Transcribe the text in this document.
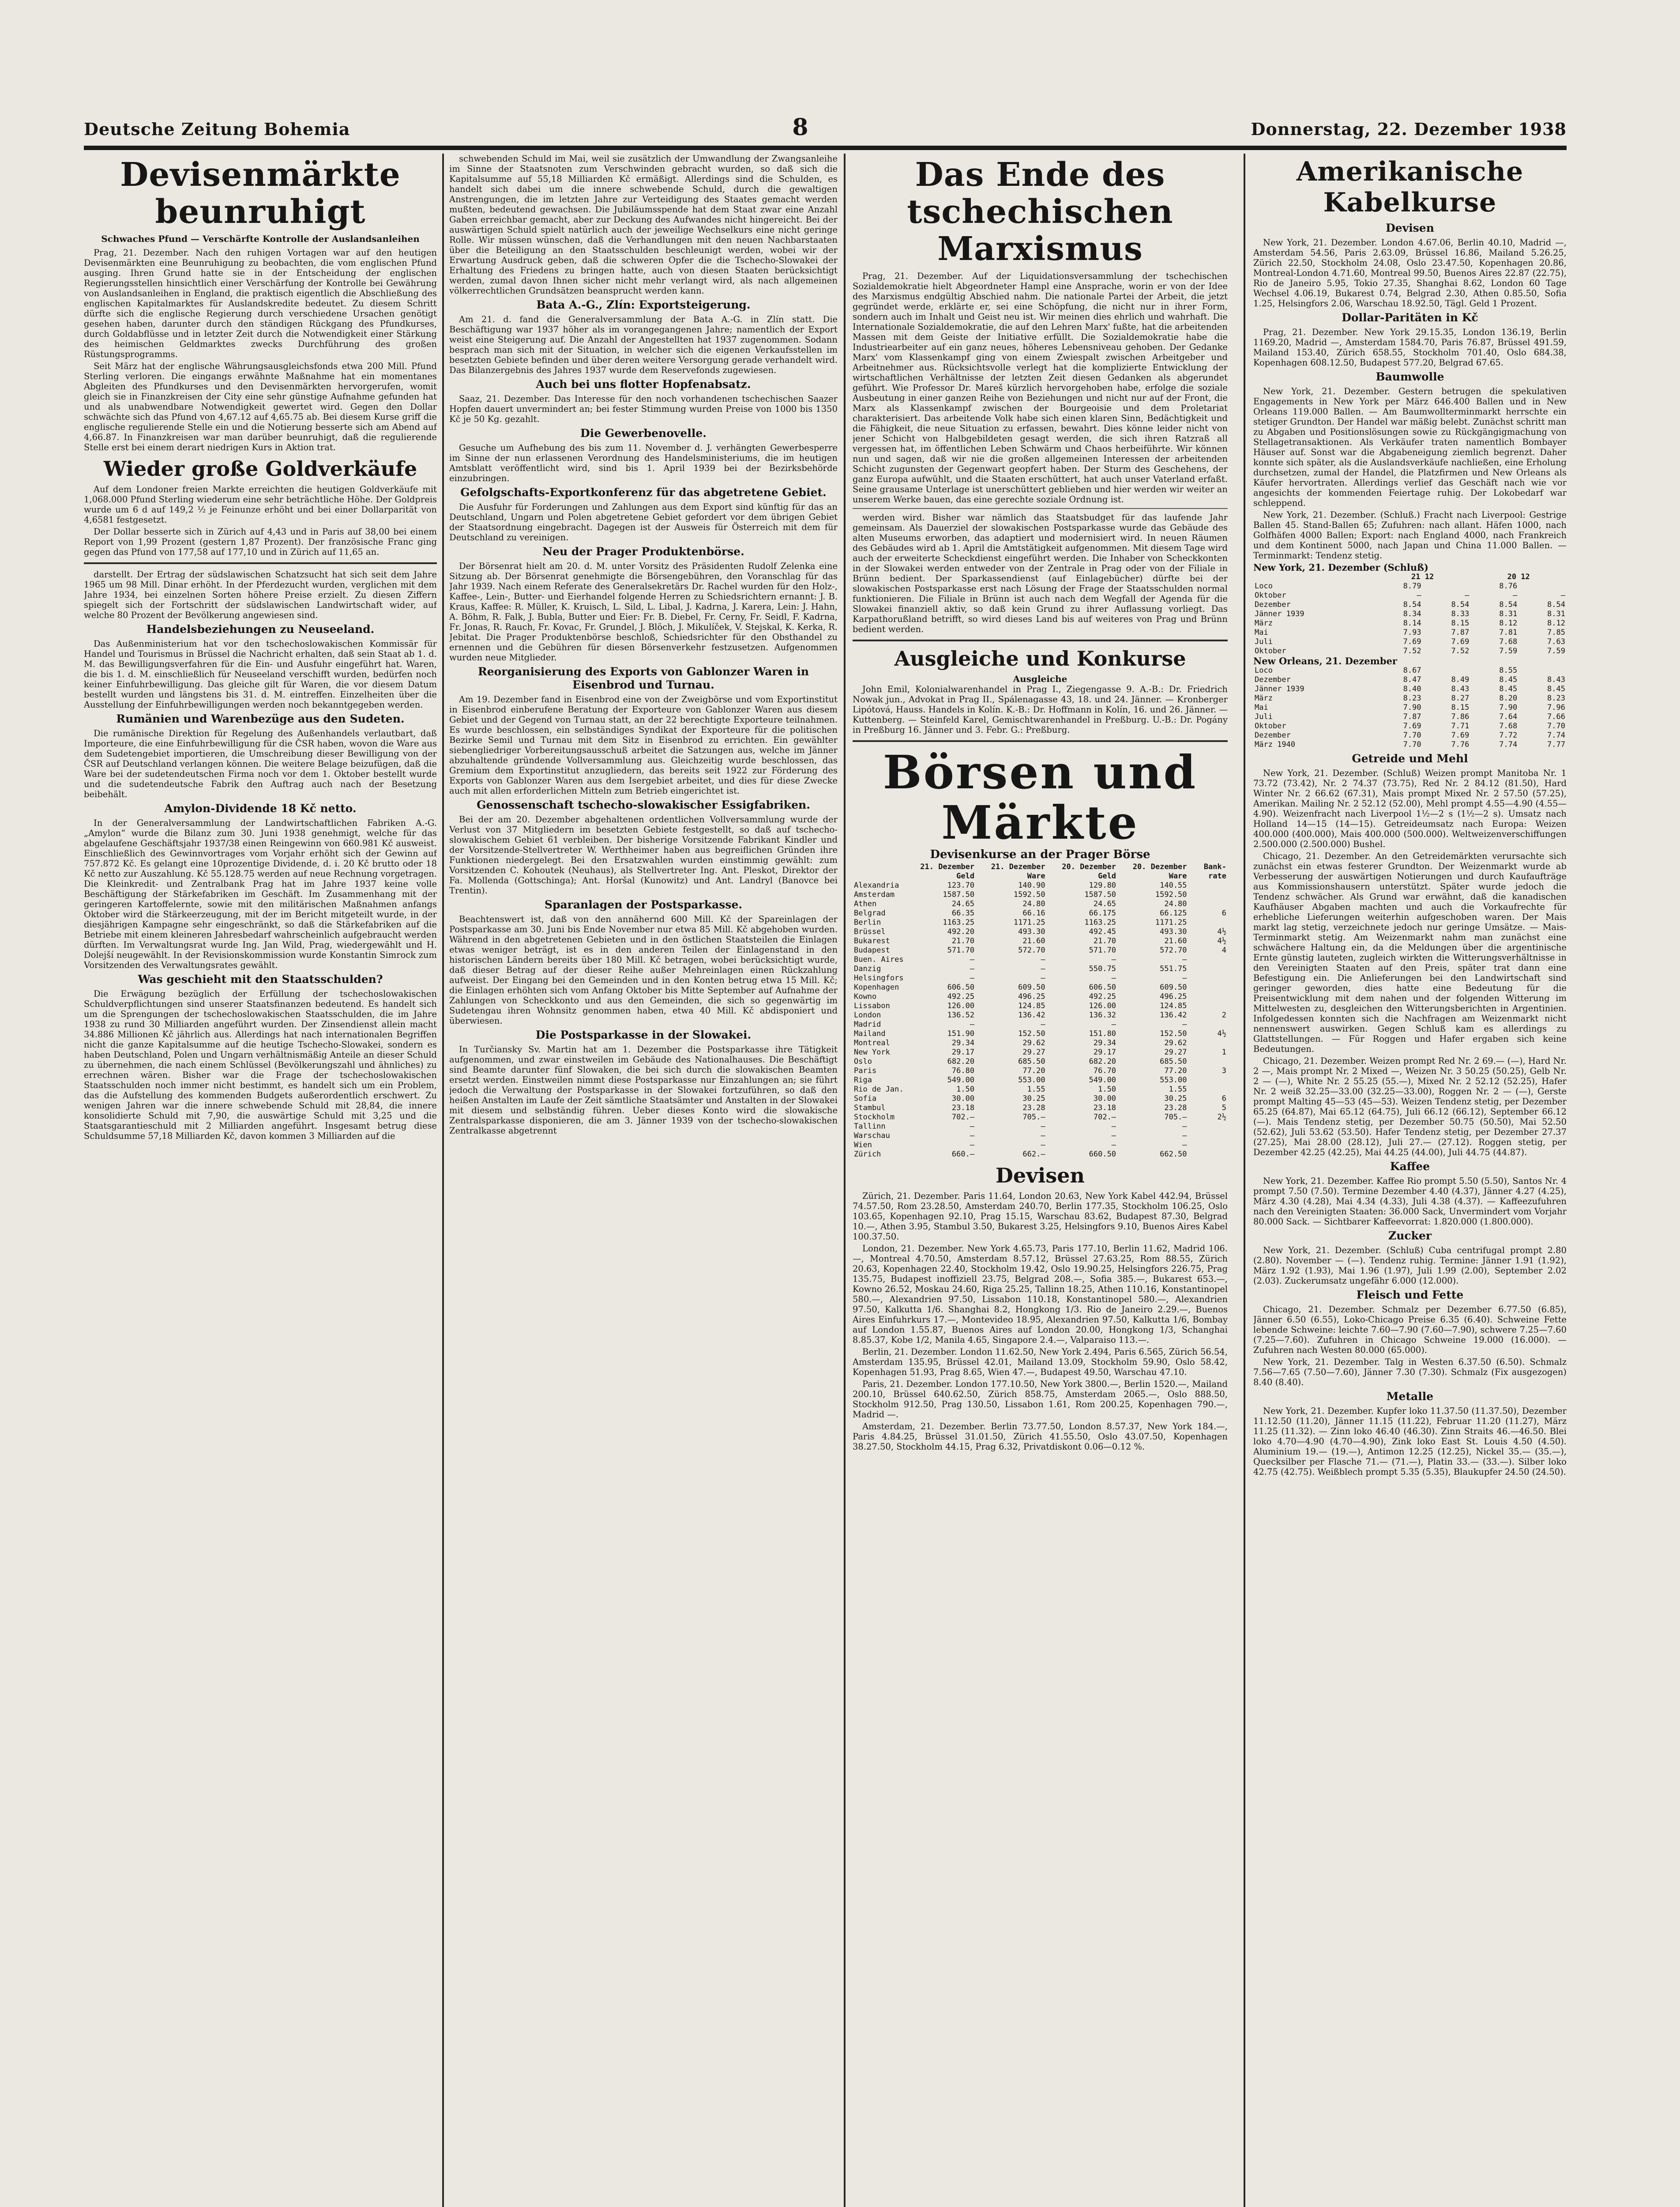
Deutsche Zeitung Bohemia	8	Donnerstag, 22. Dezember 1938
Devisenmärkte beunruhigt
Schwaches Pfund — Verschärfte Kontrolle der Auslandsanleihen

Prag, 21. Dezember. Nach den ruhigen Vortagen war auf den heutigen Devisenmärkten eine Beunruhigung zu beobachten, die vom englischen Pfund ausging. Ihren Grund hatte sie in der Entscheidung der englischen Regierungsstellen hinsichtlich einer Verschärfung der Kontrolle bei Gewährung von Auslandsanleihen in England, die praktisch eigentlich die Abschließung des englischen Kapitalmarktes für Auslandskredite bedeutet. Zu diesem Schritt dürfte sich die englische Regierung durch verschiedene Ursachen genötigt gesehen haben, darunter durch den ständigen Rückgang des Pfundkurses, durch Goldabflüsse und in letzter Zeit durch die Notwendigkeit einer Stärkung des heimischen Geldmarktes zwecks Durchführung des großen Rüstungsprogramms.

Seit März hat der englische Währungsausgleichsfonds etwa 200 Mill. Pfund Sterling verloren. Die eingangs erwähnte Maßnahme hat ein momentanes Abgleiten des Pfundkurses und den Devisenmärkten hervorgerufen, womit gleich sie in Finanzkreisen der City eine sehr günstige Aufnahme gefunden hat und als unabwendbare Notwendigkeit gewertet wird. Gegen den Dollar schwächte sich das Pfund von 4,67.12 auf 4,65.75 ab. Bei diesem Kurse griff die englische regulierende Stelle ein und die Notierung besserte sich am Abend auf 4,66.87. In Finanzkreisen war man darüber beunruhigt, daß die regulierende Stelle erst bei einem derart niedrigen Kurs in Aktion trat.

Wieder große Goldverkäufe

Auf dem Londoner freien Markte erreichten die heutigen Goldverkäufe mit 1,068.000 Pfund Sterling wiederum eine sehr beträchtliche Höhe. Der Goldpreis wurde um 6 d auf 149,2 ½ je Feinunze erhöht und bei einer Dollarparität von 4,6581 festgesetzt.

Der Dollar besserte sich in Zürich auf 4,43 und in Paris auf 38,00 bei einem Report von 1,99 Prozent (gestern 1,87 Prozent). Der französische Franc ging gegen das Pfund von 177,58 auf 177,10 und in Zürich auf 11,65 an.

darstellt. Der Ertrag der südslawischen Schatzsucht hat sich seit dem Jahre 1965 um 98 Mill. Dinar erhöht. In der Pferdezucht wurden, verglichen mit dem Jahre 1934, bei einzelnen Sorten höhere Preise erzielt. Zu diesen Ziffern spiegelt sich der Fortschritt der südslawischen Landwirtschaft wider, auf welche 80 Prozent der Bevölkerung angewiesen sind.

Handelsbeziehungen zu Neuseeland.

Das Außenministerium hat vor den tschechoslowakischen Kommissär für Handel und Tourismus in Brüssel die Nachricht erhalten, daß sein Staat ab 1. d. M. das Bewilligungsverfahren für die Ein- und Ausfuhr eingeführt hat. Waren, die bis 1. d. M. einschließlich für Neuseeland verschifft wurden, bedürfen noch keiner Einfuhrbewilligung. Das gleiche gilt für Waren, die vor diesem Datum bestellt wurden und längstens bis 31. d. M. eintreffen. Einzelheiten über die Ausstellung der Einfuhrbewilligungen werden noch bekanntgegeben werden.

Rumänien und Warenbezüge aus den Sudeten.

Die rumänische Direktion für Regelung des Außenhandels verlautbart, daß Importeure, die eine Einfuhrbewilligung für die ČSR haben, wovon die Ware aus dem Sudetengebiet importieren, die Umschreibung dieser Bewilligung von der ČSR auf Deutschland verlangen können. Die weitere Belage beizufügen, daß die Ware bei der sudetendeutschen Firma noch vor dem 1. Oktober bestellt wurde und die sudetendeutsche Fabrik den Auftrag auch nach der Besetzung beibehält.

Amylon-Dividende 18 Kč netto.

In der Generalversammlung der Landwirtschaftlichen Fabriken A.-G. „Amylon“ wurde die Bilanz zum 30. Juni 1938 genehmigt, welche für das abgelaufene Geschäftsjahr 1937/38 einen Reingewinn von 660.981 Kč ausweist. Einschließlich des Gewinnvortrages vom Vorjahr erhöht sich der Gewinn auf 757.872 Kč. Es gelangt eine 10prozentige Dividende, d. i. 20 Kč brutto oder 18 Kč netto zur Auszahlung. Kč 55.128.75 werden auf neue Rechnung vorgetragen. Die Kleinkredit- und Zentralbank Prag hat im Jahre 1937 keine volle Beschäftigung der Stärkefabriken im Geschäft. Im Zusammenhang mit der geringeren Kartoffelernte, sowie mit den militärischen Maßnahmen anfangs Oktober wird die Stärkeerzeugung, mit der im Bericht mitgeteilt wurde, in der diesjährigen Kampagne sehr eingeschränkt, so daß die Stärkefabriken auf die Betriebe mit einem kleineren Jahresbedarf wahrscheinlich aufgebraucht werden dürften. Im Verwaltungsrat wurde Ing. Jan Wild, Prag, wiedergewählt und H. Dolejší neugewählt. In der Revisionskommission wurde Konstantin Simrock zum Vorsitzenden des Verwaltungsrates gewählt.

Was geschieht mit den Staatsschulden?

Die Erwägung bezüglich der Erfüllung der tschechoslowakischen Schuldverpflichtungen sind unserer Staatsfinanzen bedeutend. Es handelt sich um die Sprengungen der tschechoslowakischen Staatsschulden, die im Jahre 1938 zu rund 30 Milliarden angeführt wurden. Der Zinsendienst allein macht 34.886 Millionen Kč jährlich aus. Allerdings hat nach internationalen Begriffen nicht die ganze Kapitalsumme auf die heutige Tschecho-Slowakei, sondern es haben Deutschland, Polen und Ungarn verhältnismäßig Anteile an dieser Schuld zu übernehmen, die nach einem Schlüssel (Bevölkerungszahl und ähnliches) zu errechnen wären. Bisher war die Frage der tschechoslowakischen Staatsschulden noch immer nicht bestimmt, es handelt sich um ein Problem, das die Aufstellung des kommenden Budgets außerordentlich erschwert. Zu wenigen Jahren war die innere schwebende Schuld mit 28,84, die innere konsolidierte Schuld mit 7,90, die auswärtige Schuld mit 3,25 und die Staatsgarantieschuld mit 2 Milliarden angeführt. Insgesamt betrug diese Schuldsumme 57,18 Milliarden Kč, davon kommen 3 Milliarden auf die

schwebenden Schuld im Mai, weil sie zusätzlich der Umwandlung der Zwangsanleihe im Sinne der Staatsnoten zum Verschwinden gebracht wurden, so daß sich die Kapitalsumme auf 55,18 Milliarden Kč ermäßigt. Allerdings sind die Schulden, es handelt sich dabei um die innere schwebende Schuld, durch die gewaltigen Anstrengungen, die im letzten Jahre zur Verteidigung des Staates gemacht werden mußten, bedeutend gewachsen. Die Jubiläumsspende hat dem Staat zwar eine Anzahl Gaben erreichbar gemacht, aber zur Deckung des Aufwandes nicht hingereicht. Bei der auswärtigen Schuld spielt natürlich auch der jeweilige Wechselkurs eine nicht geringe Rolle. Wir müssen wünschen, daß die Verhandlungen mit den neuen Nachbarstaaten über die Beteiligung an den Staatsschulden beschleunigt werden, wobei wir der Erwartung Ausdruck geben, daß die schweren Opfer die die Tschecho-Slowakei der Erhaltung des Friedens zu bringen hatte, auch von diesen Staaten berücksichtigt werden, zumal davon Ihnen sicher nicht mehr verlangt wird, als nach allgemeinen völkerrechtlichen Grundsätzen beansprucht werden kann.

Bata A.-G., Zlín: Exportsteigerung.

Am 21. d. fand die Generalversammlung der Bata A.-G. in Zlín statt. Die Beschäftigung war 1937 höher als im vorangegangenen Jahre; namentlich der Export weist eine Steigerung auf. Die Anzahl der Angestellten hat 1937 zugenommen. Sodann besprach man sich mit der Situation, in welcher sich die eigenen Verkaufsstellen im besetzten Gebiete befinden und über deren weitere Versorgung gerade verhandelt wird. Das Bilanzergebnis des Jahres 1937 wurde dem Reservefonds zugewiesen.

Auch bei uns flotter Hopfenabsatz.

Saaz, 21. Dezember. Das Interesse für den noch vorhandenen tschechischen Saazer Hopfen dauert unvermindert an; bei fester Stimmung wurden Preise von 1000 bis 1350 Kč je 50 Kg. gezahlt.

Die Gewerbenovelle.

Gesuche um Aufhebung des bis zum 11. November d. J. verhängten Gewerbesperre im Sinne der nun erlassenen Verordnung des Handelsministeriums, die im heutigen Amtsblatt veröffentlicht wird, sind bis 1. April 1939 bei der Bezirksbehörde einzubringen.

Gefolgschafts-Exportkonferenz für das abgetretene Gebiet.

Die Ausfuhr für Forderungen und Zahlungen aus dem Export sind künftig für das an Deutschland, Ungarn und Polen abgetretene Gebiet gefordert vor dem übrigen Gebiet der Staatsordnung eingebracht. Dagegen ist der Ausweis für Österreich mit dem für Deutschland zu vereinigen.

Neu der Prager Produktenbörse.

Der Börsenrat hielt am 20. d. M. unter Vorsitz des Präsidenten Rudolf Zelenka eine Sitzung ab. Der Börsenrat genehmigte die Börsengebühren, den Voranschlag für das Jahr 1939. Nach einem Referate des Generalsekretärs Dr. Rachel wurden für den Holz-, Kaffee-, Lein-, Butter- und Eierhandel folgende Herren zu Schiedsrichtern ernannt: J. B. Kraus, Kaffee: R. Müller, K. Kruisch, L. Sild, L. Libal, J. Kadrna, J. Karera, Lein: J. Hahn, A. Böhm, R. Falk, J. Bubla, Butter und Eier: Fr. B. Diebel, Fr. Cerny, Fr. Seidl, F. Kadrna, Fr. Jonas, R. Rauch, Fr. Kovac, Fr. Grundel, J. Blöch, J. Mikulíček, V. Stejskal, K. Kerka, R. Jebitat. Die Prager Produktenbörse beschloß, Schiedsrichter für den Obsthandel zu ernennen und die Gebühren für diesen Börsenverkehr festzusetzen. Aufgenommen wurden neue Mitglieder.

Reorganisierung des Exports von Gablonzer Waren in Eisenbrod und Turnau.

Am 19. Dezember fand in Eisenbrod eine von der Zweigbörse und vom Exportinstitut in Eisenbrod einberufene Beratung der Exporteure von Gablonzer Waren aus diesem Gebiet und der Gegend von Turnau statt, an der 22 berechtigte Exporteure teilnahmen. Es wurde beschlossen, ein selbständiges Syndikat der Exporteure für die politischen Bezirke Semil und Turnau mit dem Sitz in Eisenbrod zu errichten. Ein gewählter siebengliedriger Vorbereitungsausschuß arbeitet die Satzungen aus, welche im Jänner abzuhaltende gründende Vollversammlung aus. Gleichzeitig wurde beschlossen, das Gremium dem Exportinstitut anzugliedern, das bereits seit 1922 zur Förderung des Exports von Gablonzer Waren aus dem Isergebiet arbeitet, und dies für diese Zwecke auch mit allen erforderlichen Mitteln zum Betrieb eingerichtet ist.

Genossenschaft tschecho-slowakischer Essigfabriken.

Bei der am 20. Dezember abgehaltenen ordentlichen Vollversammlung wurde der Verlust von 37 Mitgliedern im besetzten Gebiete festgestellt, so daß auf tschecho-slowakischem Gebiet 61 verbleiben. Der bisherige Vorsitzende Fabrikant Kindler und der Vorsitzende-Stellvertreter W. Werthheimer haben aus begreiflichen Gründen ihre Funktionen niedergelegt. Bei den Ersatzwahlen wurden einstimmig gewählt: zum Vorsitzenden C. Kohoutek (Neuhaus), als Stellvertreter Ing. Ant. Pleskot, Direktor der Fa. Mollenda (Gottschinga); Ant. Horšal (Kunowitz) und Ant. Landryl (Banovce bei Trentin).

Sparanlagen der Postsparkasse.

Beachtenswert ist, daß von den annähernd 600 Mill. Kč der Spareinlagen der Postsparkasse am 30. Juni bis Ende November nur etwa 85 Mill. Kč abgehoben wurden. Während in den abgetretenen Gebieten und in den östlichen Staatsteilen die Einlagen etwas weniger beträgt, ist es in den anderen Teilen der Einlagenstand in den historischen Ländern bereits über 180 Mill. Kč betragen, wobei berücksichtigt wurde, daß dieser Betrag auf der dieser Reihe außer Mehreinlagen einen Rückzahlung aufweist. Der Eingang bei den Gemeinden und in den Konten betrug etwa 15 Mill. Kč; die Einlagen erhöhten sich vom Anfang Oktober bis Mitte September auf Aufnahme der Zahlungen von Scheckkonto und aus den Gemeinden, die sich so gegenwärtig im Sudetengau ihren Wohnsitz genommen haben, etwa 40 Mill. Kč abdisponiert und überwiesen.

Die Postsparkasse in der Slowakei.

In Turčiansky Sv. Martin hat am 1. Dezember die Postsparkasse ihre Tätigkeit aufgenommen, und zwar einstweilen im Gebäude des Nationalhauses. Die Beschäftigt sind Beamte darunter fünf Slowaken, die bei sich durch die slowakischen Beamten ersetzt werden. Einstweilen nimmt diese Postsparkasse nur Einzahlungen an; sie führt jedoch die Verwaltung der Postsparkasse in der Slowakei fortzuführen, so daß den heißen Anstalten im Laufe der Zeit sämtliche Staatsämter und Anstalten in der Slowakei mit diesem und selbständig führen. Ueber dieses Konto wird die slowakische Zentralsparkasse disponieren, die am 3. Jänner 1939 von der tschecho-slowakischen Zentralkasse abgetrennt

Das Ende des tschechischen Marxismus

Prag, 21. Dezember. Auf der Liquidationsversammlung der tschechischen Sozialdemokratie hielt Abgeordneter Hampl eine Ansprache, worin er von der Idee des Marxismus endgültig Abschied nahm. Die nationale Partei der Arbeit, die jetzt gegründet werde, erklärte er, sei eine Schöpfung, die nicht nur in ihrer Form, sondern auch im Inhalt und Geist neu ist. Wir meinen dies ehrlich und wahrhaft. Die Internationale Sozialdemokratie, die auf den Lehren Marx' fußte, hat die arbeitenden Massen mit dem Geiste der Initiative erfüllt. Die Sozialdemokratie habe die Industriearbeiter auf ein ganz neues, höheres Lebensniveau gehoben. Der Gedanke Marx' vom Klassenkampf ging von einem Zwiespalt zwischen Arbeitgeber und Arbeitnehmer aus. Rücksichtsvolle verlegt hat die komplizierte Entwicklung der wirtschaftlichen Verhältnisse der letzten Zeit diesen Gedanken als abgerundet geführt. Wie Professor Dr. Mareš kürzlich hervorgehoben habe, erfolge die soziale Ausbeutung in einer ganzen Reihe von Beziehungen und nicht nur auf der Front, die Marx als Klassenkampf zwischen der Bourgeoisie und dem Proletariat charakterisiert. Das arbeitende Volk habe sich einen klaren Sinn, Bedächtigkeit und die Fähigkeit, die neue Situation zu erfassen, bewahrt. Dies könne leider nicht von jener Schicht von Halbgebildeten gesagt werden, die sich ihren Ratzraß all vergessen hat, im öffentlichen Leben Schwärm und Chaos herbeiführte. Wir können nun und sagen, daß wir nie die großen allgemeinen Interessen der arbeitenden Schicht zugunsten der Gegenwart geopfert haben. Der Sturm des Geschehens, der ganz Europa aufwühlt, und die Staaten erschüttert, hat auch unser Vaterland erfaßt. Seine grausame Unterlage ist unerschüttert geblieben und hier werden wir weiter an unserem Werke bauen, das eine gerechte soziale Ordnung ist.

werden wird. Bisher war nämlich das Staatsbudget für das laufende Jahr gemeinsam. Als Dauerziel der slowakischen Postsparkasse wurde das Gebäude des alten Museums erworben, das adaptiert und modernisiert wird. In neuen Räumen des Gebäudes wird ab 1. April die Amtstätigkeit aufgenommen. Mit diesem Tage wird auch der erweiterte Scheckdienst eingeführt werden. Die Inhaber von Scheckkonten in der Slowakei werden entweder von der Zentrale in Prag oder von der Filiale in Brünn bedient. Der Sparkassendienst (auf Einlagebücher) dürfte bei der slowakischen Postsparkasse erst nach Lösung der Frage der Staatsschulden normal funktionieren. Die Filiale in Brünn ist auch nach dem Wegfall der Agenda für die Slowakei finanziell aktiv, so daß kein Grund zu ihrer Auflassung vorliegt. Das Karpathorußland betrifft, so wird dieses Land bis auf weiteres von Prag und Brünn bedient werden.

Ausgleiche und Konkurse
Ausgleiche

John Emil, Kolonialwarenhandel in Prag I., Ziegengasse 9. A.-B.: Dr. Friedrich Nowak jun., Advokat in Prag II., Spálenagasse 43, 18. und 24. Jänner. — Kronberger Lipótová, Hauss. Handels in Kolín. K.-B.: Dr. Hoffmann in Kolín, 16. und 26. Jänner. — Kuttenberg. — Steinfeld Karel, Gemischtwarenhandel in Preßburg. U.-B.: Dr. Pogány in Preßburg 16. Jänner und 3. Febr. G.: Preßburg.

Börsen und Märkte
Devisenkurse an der Prager Börse
	21. Dezember Geld	21. Dezember Ware	20. Dezember Geld	20. Dezember Ware	Bank-rate
Alexandria	123.70	140.90	129.80	140.55	
Amsterdam	1587.50	1592.50	1587.50	1592.50	
Athen	24.65	24.80	24.65	24.80	
Belgrad	66.35	66.16	66.175	66.125	6
Berlin	1163.25	1171.25	1163.25	1171.25	
Brüssel	492.20	493.30	492.45	493.30	4½
Bukarest	21.70	21.60	21.70	21.60	4½
Budapest	571.70	572.70	571.70	572.70	4
Buen. Aires	—	—	—	—	
Danzig	—	—	550.75	551.75	
Helsingfors	—	—	—	—	
Kopenhagen	606.50	609.50	606.50	609.50	
Kowno	492.25	496.25	492.25	496.25	
Lissabon	126.00	124.85	126.00	124.85	
London	136.52	136.42	136.32	136.42	2
Madrid	—	—	—	—	
Mailand	151.90	152.50	151.80	152.50	4½
Montreal	29.34	29.62	29.34	29.62	
New York	29.17	29.27	29.17	29.27	1
Oslo	682.20	685.50	682.20	685.50	
Paris	76.80	77.20	76.70	77.20	3
Riga	549.00	553.00	549.00	553.00	
Rio de Jan.	1.50	1.55	1.50	1.55	
Sofia	30.00	30.25	30.00	30.25	6
Stambul	23.18	23.28	23.18	23.28	5
Stockholm	702.—	705.—	702.—	705.—	2½
Tallinn	—	—	—	—	
Warschau	—	—	—	—	
Wien	—	—	—	—	
Zürich	660.—	662.—	660.50	662.50	
Devisen

Zürich, 21. Dezember. Paris 11.64, London 20.63, New York Kabel 442.94, Brüssel 74.57.50, Rom 23.28.50, Amsterdam 240.70, Berlin 177.35, Stockholm 106.25, Oslo 103.65, Kopenhagen 92.10, Prag 15.15, Warschau 83.62, Budapest 87.30, Belgrad 10.—, Athen 3.95, Stambul 3.50, Bukarest 3.25, Helsingfors 9.10, Buenos Aires Kabel 100.37.50.

London, 21. Dezember. New York 4.65.73, Paris 177.10, Berlin 11.62, Madrid 106.—, Montreal 4.70.50, Amsterdam 8.57.12, Brüssel 27.63.25, Rom 88.55, Zürich 20.63, Kopenhagen 22.40, Stockholm 19.42, Oslo 19.90.25, Helsingfors 226.75, Prag 135.75, Budapest inoffiziell 23.75, Belgrad 208.—, Sofia 385.—, Bukarest 653.—, Kowno 26.52, Moskau 24.60, Riga 25.25, Tallinn 18.25, Athen 110.16, Konstantinopel 580.—, Alexandrien 97.50, Lissabon 110.18, Konstantinopel 580.—, Alexandrien 97.50, Kalkutta 1/6. Shanghai 8.2, Hongkong 1/3. Rio de Janeiro 2.29.—, Buenos Aires Einfuhrkurs 17.—, Montevideo 18.95, Alexandrien 97.50, Kalkutta 1/6, Bombay auf London 1.55.87, Buenos Aires auf London 20.00, Hongkong 1/3, Schanghai 8.85.37, Kobe 1/2, Manila 4.65, Singapore 2.4.—, Valparaiso 113.—.

Berlin, 21. Dezember. London 11.62.50, New York 2.494, Paris 6.565, Zürich 56.54, Amsterdam 135.95, Brüssel 42.01, Mailand 13.09, Stockholm 59.90, Oslo 58.42, Kopenhagen 51.93, Prag 8.65, Wien 47.—, Budapest 49.50, Warschau 47.10.

Paris, 21. Dezember. London 177.10.50, New York 3800.—, Berlin 1520.—, Mailand 200.10, Brüssel 640.62.50, Zürich 858.75, Amsterdam 2065.—, Oslo 888.50, Stockholm 912.50, Prag 130.50, Lissabon 1.61, Rom 200.25, Kopenhagen 790.—, Madrid —.

Amsterdam, 21. Dezember. Berlin 73.77.50, London 8.57.37, New York 184.—, Paris 4.84.25, Brüssel 31.01.50, Zürich 41.55.50, Oslo 43.07.50, Kopenhagen 38.27.50, Stockholm 44.15, Prag 6.32, Privatdiskont 0.06—0.12 %.

Amerikanische Kabelkurse
Devisen

New York, 21. Dezember. London 4.67.06, Berlin 40.10, Madrid —, Amsterdam 54.56, Paris 2.63.09, Brüssel 16.86, Mailand 5.26.25, Zürich 22.50, Stockholm 24.08, Oslo 23.47.50, Kopenhagen 20.86, Montreal-London 4.71.60, Montreal 99.50, Buenos Aires 22.87 (22.75), Rio de Janeiro 5.95, Tokio 27.35, Shanghai 8.62, London 60 Tage Wechsel 4.06.19, Bukarest 0.74, Belgrad 2.30, Athen 0.85.50, Sofia 1.25, Helsingfors 2.06, Warschau 18.92.50, Tägl. Geld 1 Prozent.

Dollar-Paritäten in Kč

Prag, 21. Dezember. New York 29.15.35, London 136.19, Berlin 1169.20, Madrid —, Amsterdam 1584.70, Paris 76.87, Brüssel 491.59, Mailand 153.40, Zürich 658.55, Stockholm 701.40, Oslo 684.38, Kopenhagen 608.12.50, Budapest 577.20, Belgrad 67.65.

Baumwolle

New York, 21. Dezember. Gestern betrugen die spekulativen Engagements in New York per März 646.400 Ballen und in New Orleans 119.000 Ballen. — Am Baumwollterminmarkt herrschte ein stetiger Grundton. Der Handel war mäßig belebt. Zunächst schritt man zu Abgaben und Positionslösungen sowie zu Rückgängigmachung von Stellagetransaktionen. Als Verkäufer traten namentlich Bombayer Häuser auf. Sonst war die Abgabeneigung ziemlich begrenzt. Daher konnte sich später, als die Auslandsverkäufe nachließen, eine Erholung durchsetzen, zumal der Handel, die Platzfirmen und New Orleans als Käufer hervortraten. Allerdings verlief das Geschäft nach wie vor angesichts der kommenden Feiertage ruhig. Der Lokobedarf war schleppend.

New York, 21. Dezember. (Schluß.) Fracht nach Liverpool: Gestrige Ballen 45. Stand-Ballen 65; Zufuhren: nach allant. Häfen 1000, nach Golfhäfen 4000 Ballen; Export: nach England 4000, nach Frankreich und dem Kontinent 5000, nach Japan und China 11.000 Ballen. — Terminmarkt: Tendenz stetig.

New York, 21. Dezember (Schluß)
	21 12		20 12	
Loco	8.79		8.76	
Oktober	—	—	—	—
Dezember	8.54	8.54	8.54	8.54
Jänner 1939	8.34	8.33	8.31	8.31
März	8.14	8.15	8.12	8.12
Mai	7.93	7.87	7.81	7.85
Juli	7.69	7.69	7.68	7.63
Oktober	7.52	7.52	7.59	7.59
New Orleans, 21. Dezember
Loco	8.67		8.55	
Dezember	8.47	8.49	8.45	8.43
Jänner 1939	8.40	8.43	8.45	8.45
März	8.23	8.27	8.20	8.23
Mai	7.90	8.15	7.90	7.96
Juli	7.87	7.86	7.64	7.66
Oktober	7.69	7.71	7.68	7.70
Dezember	7.70	7.69	7.72	7.74
März 1940	7.70	7.76	7.74	7.77
Getreide und Mehl

New York, 21. Dezember. (Schluß) Weizen prompt Manitoba Nr. 1 73.72 (73.42), Nr. 2 74.37 (73.75), Red Nr. 2 84.12 (81.50), Hard Winter Nr. 2 66.62 (67.31), Mais prompt Mixed Nr. 2 57.50 (57.25), Amerikan. Mailing Nr. 2 52.12 (52.00), Mehl prompt 4.55—4.90 (4.55—4.90). Weizenfracht nach Liverpool 1½—2 s (1½—2 s). Umsatz nach Holland 14—15 (14—15). Getreideumsatz nach Europa: Weizen 400.000 (400.000), Mais 400.000 (500.000). Weltweizenverschiffungen 2.500.000 (2.500.000) Bushel.

Chicago, 21. Dezember. An den Getreidemärkten verursachte sich zunächst ein etwas festerer Grundton. Der Weizenmarkt wurde ab Verbesserung der auswärtigen Notierungen und durch Kaufaufträge aus Kommissionshausern unterstützt. Später wurde jedoch die Tendenz schwächer. Als Grund war erwähnt, daß die kanadischen Kaufhäuser Abgaben machten und auch die Vorkaufrechte für erhebliche Lieferungen weiterhin aufgeschoben waren. Der Mais markt lag stetig, verzeichnete jedoch nur geringe Umsätze. — Mais-Terminmarkt stetig. Am Weizenmarkt nahm man zunächst eine schwächere Haltung ein, da die Meldungen über die argentinische Ernte günstig lauteten, zugleich wirkten die Witterungsverhältnisse in den Vereinigten Staaten auf den Preis, später trat dann eine Befestigung ein. Die Anlieferungen bei den Landwirtschaft sind geringer geworden, dies hatte eine Bedeutung für die Preisentwicklung mit dem nahen und der folgenden Witterung im Mittelwesten zu, desgleichen den Witterungsberichten in Argentinien. Infolgedessen konnten sich die Nachfragen am Weizenmarkt nicht nennenswert auswirken. Gegen Schluß kam es allerdings zu Glattstellungen. — Für Roggen und Hafer ergaben sich keine Bedeutungen.

Chicago, 21. Dezember. Weizen prompt Red Nr. 2 69.— (—), Hard Nr. 2 —, Mais prompt Nr. 2 Mixed —, Weizen Nr. 3 50.25 (50.25), Gelb Nr. 2 — (—), White Nr. 2 55.25 (55.—), Mixed Nr. 2 52.12 (52.25), Hafer Nr. 2 weiß 32.25—33.00 (32.25—33.00), Roggen Nr. 2 — (—), Gerste prompt Malting 45—53 (45—53). Weizen Tendenz stetig, per Dezember 65.25 (64.87), Mai 65.12 (64.75), Juli 66.12 (66.12), September 66.12 (—). Mais Tendenz stetig, per Dezember 50.75 (50.50), Mai 52.50 (52.62), Juli 53.62 (53.50). Hafer Tendenz stetig, per Dezember 27.37 (27.25), Mai 28.00 (28.12), Juli 27.— (27.12). Roggen stetig, per Dezember 42.25 (42.25), Mai 44.25 (44.00), Juli 44.75 (44.87).

Kaffee

New York, 21. Dezember. Kaffee Rio prompt 5.50 (5.50), Santos Nr. 4 prompt 7.50 (7.50). Termine Dezember 4.40 (4.37), Jänner 4.27 (4.25), März 4.30 (4.28), Mai 4.34 (4.33), Juli 4.38 (4.37). — Kaffeezufuhren nach den Vereinigten Staaten: 36.000 Sack, Unvermindert vom Vorjahr 80.000 Sack. — Sichtbarer Kaffeevorrat: 1.820.000 (1.800.000).

Zucker

New York, 21. Dezember. (Schluß) Cuba centrifugal prompt 2.80 (2.80). November — (—). Tendenz ruhig. Termine: Jänner 1.91 (1.92), März 1.92 (1.93), Mai 1.96 (1.97), Juli 1.99 (2.00), September 2.02 (2.03). Zuckerumsatz ungefähr 6.000 (12.000).

Fleisch und Fette

Chicago, 21. Dezember. Schmalz per Dezember 6.77.50 (6.85), Jänner 6.50 (6.55), Loko-Chicago Preise 6.35 (6.40). Schweine Fette lebende Schweine: leichte 7.60—7.90 (7.60—7.90), schwere 7.25—7.60 (7.25—7.60). Zufuhren in Chicago Schweine 19.000 (16.000). — Zufuhren nach Westen 80.000 (65.000).

New York, 21. Dezember. Talg in Westen 6.37.50 (6.50). Schmalz 7.56—7.65 (7.50—7.60), Jänner 7.30 (7.30). Schmalz (Fix ausgezogen) 8.40 (8.40).

Metalle

New York, 21. Dezember. Kupfer loko 11.37.50 (11.37.50), Dezember 11.12.50 (11.20), Jänner 11.15 (11.22), Februar 11.20 (11.27), März 11.25 (11.32). — Zinn loko 46.40 (46.30). Zinn Straits 46.—46.50. Blei loko 4.70—4.90 (4.70—4.90), Zink loko East St. Louis 4.50 (4.50). Aluminium 19.— (19.—), Antimon 12.25 (12.25), Nickel 35.— (35.—), Quecksilber per Flasche 71.— (71.—), Platin 33.— (33.—). Silber loko 42.75 (42.75). Weißblech prompt 5.35 (5.35), Blaukupfer 24.50 (24.50).
